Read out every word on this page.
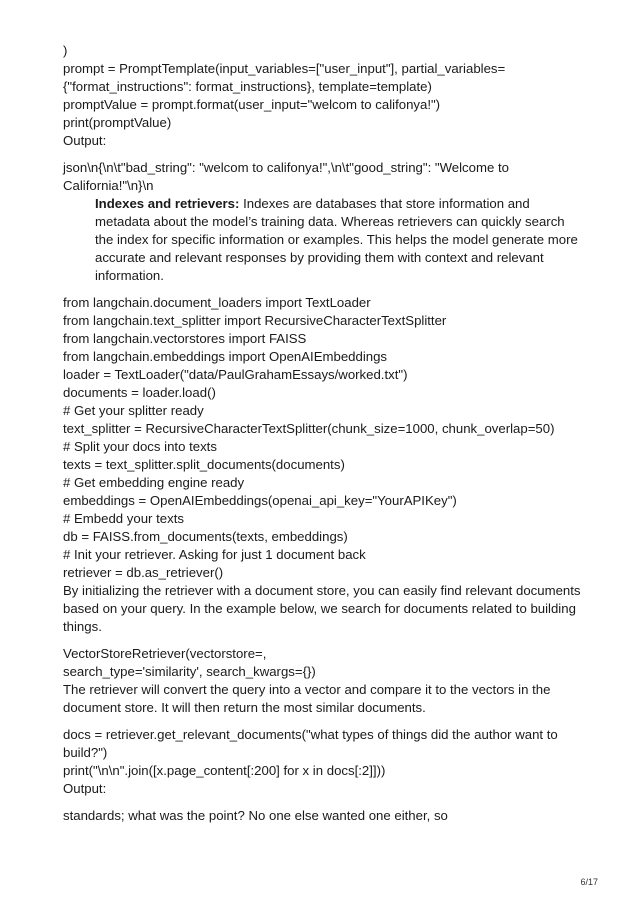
)
prompt = PromptTemplate(input_variables=["user_input"], partial_variables=
{"format_instructions": format_instructions}, template=template)
promptValue = prompt.format(user_input="welcom to califonya!")
print(promptValue)
Output:
json\n{\n\t"bad_string": "welcom to califonya!",\n\t"good_string": "Welcome to
California!"\n}\n
Indexes and retrievers: Indexes are databases that store information and
metadata about the model’s training data. Whereas retrievers can quickly search
the index for specific information or examples. This helps the model generate more
accurate and relevant responses by providing them with context and relevant
information.
from langchain.document_loaders import TextLoader
from langchain.text_splitter import RecursiveCharacterTextSplitter
from langchain.vectorstores import FAISS
from langchain.embeddings import OpenAIEmbeddings
loader = TextLoader("data/PaulGrahamEssays/worked.txt")
documents = loader.load()
# Get your splitter ready
text_splitter = RecursiveCharacterTextSplitter(chunk_size=1000, chunk_overlap=50)
# Split your docs into texts
texts = text_splitter.split_documents(documents)
# Get embedding engine ready
embeddings = OpenAIEmbeddings(openai_api_key="YourAPIKey")
# Embedd your texts
db = FAISS.from_documents(texts, embeddings)
# Init your retriever. Asking for just 1 document back
retriever = db.as_retriever()
By initializing the retriever with a document store, you can easily find relevant documents
based on your query. In the example below, we search for documents related to building
things.
VectorStoreRetriever(vectorstore=,
search_type='similarity', search_kwargs={})
The retriever will convert the query into a vector and compare it to the vectors in the
document store. It will then return the most similar documents.
docs = retriever.get_relevant_documents("what types of things did the author want to
build?")
print("\n\n".join([x.page_content[:200] for x in docs[:2]]))
Output:
standards; what was the point? No one else wanted one either, so
6/17
